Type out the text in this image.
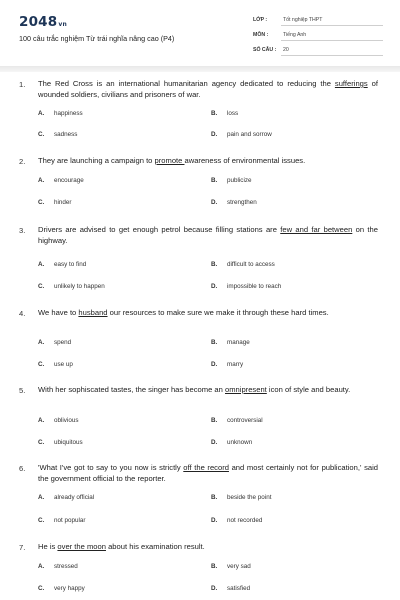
2048vn
100 câu trắc nghiệm Từ trái nghĩa nâng cao (P4)
LỚP :	Tốt nghiệp THPT
MÔN :	Tiếng Anh
SỐ CÂU : 20
1. The Red Cross is an international humanitarian agency dedicated to reducing the sufferings of wounded soldiers, civilians and prisoners of war.
A. happiness	B. loss
C. sadness	D. pain and sorrow
2. They are launching a campaign to promote awareness of environmental issues.
A. encourage	B. publicize
C. hinder	D. strengthen
3. Drivers are advised to get enough petrol because filling stations are few and far between on the highway.
A. easy to find	B. difficult to access
C. unlikely to happen	D. impossible to reach
4. We have to husband our resources to make sure we make it through these hard times.
A. spend	B. manage
C. use up	D. marry
5. With her sophiscated tastes, the singer has become an omnipresent icon of style and beauty.
A. oblivious	B. controversial
C. ubiquitous	D. unknown
6. 'What I've got to say to you now is strictly off the record and most certainly not for publication,' said the government official to the reporter.
A. already official	B. beside the point
C. not popular	D. not recorded
7. He is over the moon about his examination result.
A. stressed	B. very sad
C. very happy	D. satisfied
